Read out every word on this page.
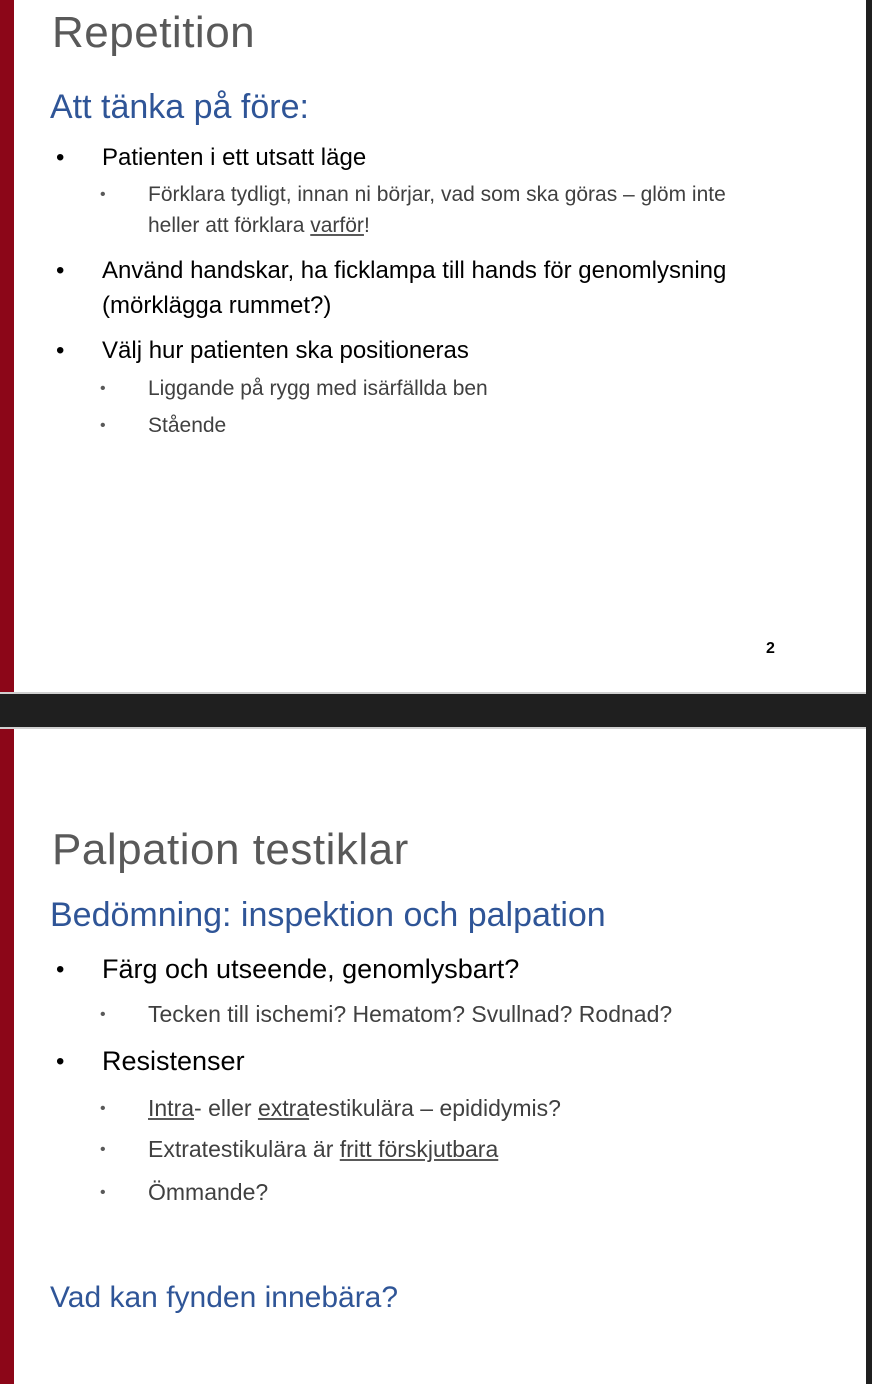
Repetition
Att tänka på före:
• Patienten i ett utsatt läge
• Förklara tydligt, innan ni börjar, vad som ska göras – glöm inte
heller att förklara varför!
• Använd handskar, ha ficklampa till hands för genomlysning
(mörklägga rummet?)
• Välj hur patienten ska positioneras
• Liggande på rygg med isärfällda ben
• Stående
2
Palpation testiklar
Bedömning: inspektion och palpation
• Färg och utseende, genomlysbart?
• Tecken till ischemi? Hematom? Svullnad? Rodnad?
• Resistenser
• Intra- eller extratestikulära – epididymis?
• Extratestikulära är fritt förskjutbara
• Ömmande?
Vad kan fynden innebära?
